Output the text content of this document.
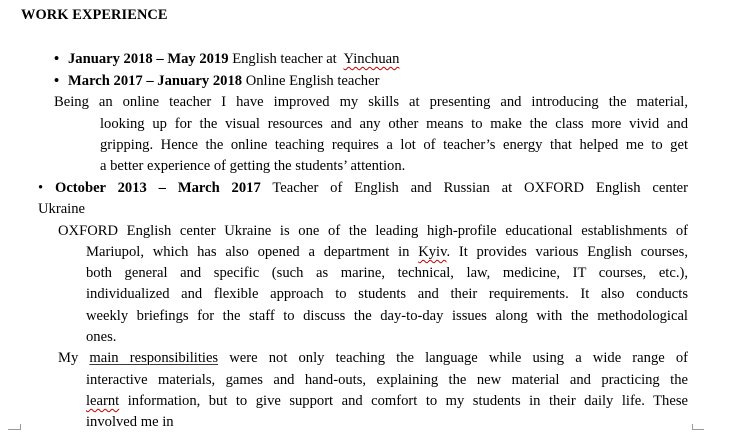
WORK EXPERIENCE
• January 2018 – May 2019 English teacher at Yinchuan
• March 2017 – January 2018 Online English teacher
Being an online teacher I have improved my skills at presenting and introducing the material,
looking up for the visual resources and any other means to make the class more vivid and
gripping. Hence the online teaching requires a lot of teacher’s energy that helped me to get
a better experience of getting the students’ attention.
• October 2013 – March 2017 Teacher of English and Russian at OXFORD English center
Ukraine
OXFORD English center Ukraine is one of the leading high-profile educational establishments of
Mariupol, which has also opened a department in Kyiv. It provides various English courses,
both general and specific (such as marine, technical, law, medicine, IT courses, etc.),
individualized and flexible approach to students and their requirements. It also conducts
weekly briefings for the staff to discuss the day-to-day issues along with the methodological
ones.
My main responsibilities were not only teaching the language while using a wide range of
interactive materials, games and hand-outs, explaining the new material and practicing the
learnt information, but to give support and comfort to my students in their daily life. These
involved me in
